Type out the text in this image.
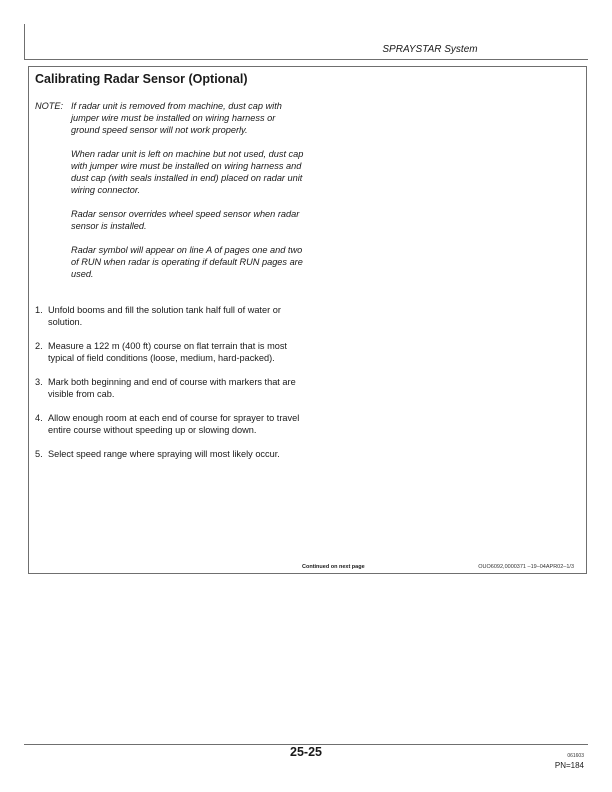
SPRAYSTAR System
Calibrating Radar Sensor (Optional)
NOTE: If radar unit is removed from machine, dust cap with jumper wire must be installed on wiring harness or ground speed sensor will not work properly.
When radar unit is left on machine but not used, dust cap with jumper wire must be installed on wiring harness and dust cap (with seals installed in end) placed on radar unit wiring connector.
Radar sensor overrides wheel speed sensor when radar sensor is installed.
Radar symbol will appear on line A of pages one and two of RUN when radar is operating if default RUN pages are used.
1. Unfold booms and fill the solution tank half full of water or solution.
2. Measure a 122 m (400 ft) course on flat terrain that is most typical of field conditions (loose, medium, hard-packed).
3. Mark both beginning and end of course with markers that are visible from cab.
4. Allow enough room at each end of course for sprayer to travel entire course without speeding up or slowing down.
5. Select speed range where spraying will most likely occur.
Continued on next page	OUO6092,0000371 –19–04APR02–1/3
25-25	061603
PN=184
